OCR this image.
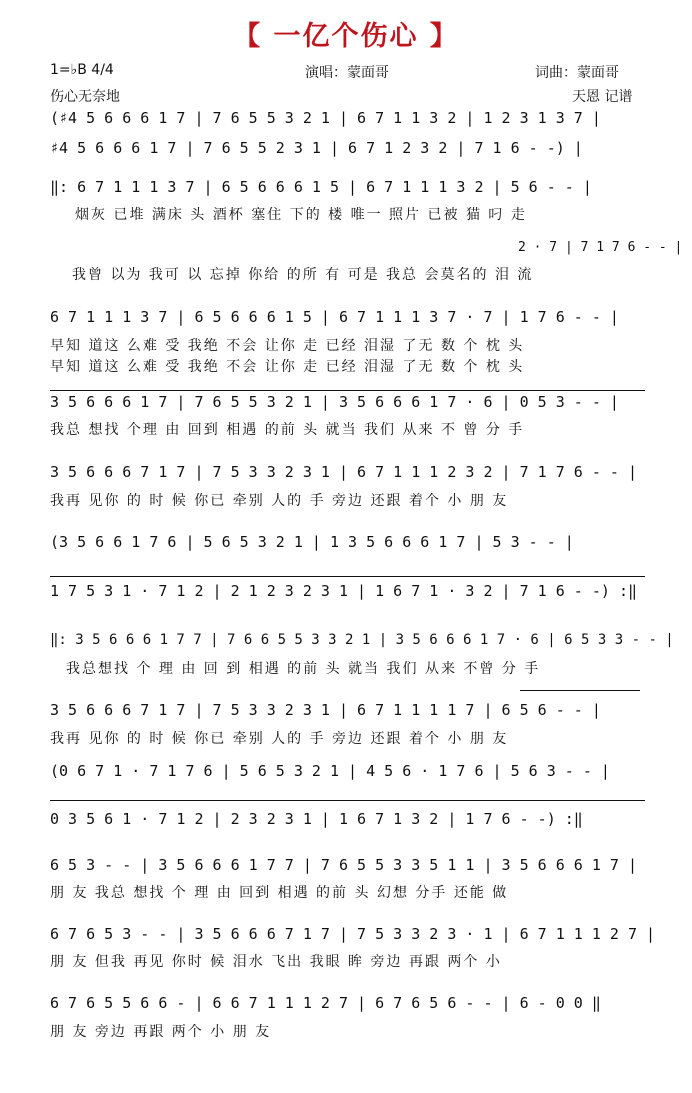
【 一亿个伤心 】
1=♭B 4/4
伤心无奈地
演唱：蒙面哥	词曲：蒙面哥
天恩 记谱
(♯4 5 6 6 6 1 7 | 7 6 5 5 3 2 1 | 6 7 1 1 3 2 | 1 2 3 1 3 7 |
♯4 5 6 6 6 1 7 | 7 6 5 5 2 3 1 | 6 7 1 2 3 2 | 7 1 6 - -) |
‖: 6 7 1 1 1 3 7 | 6 5 6 6 6 1 5 | 6 7 1 1 1 3 2 | 5 6 - - |
烟灰 已堆 满床 头 酒杯 塞住 下的 楼 唯一 照片 已被 猫 叼 走
2 · 7 | 7 1 7 6 - - |
我曾 以为 我可 以 忘掉 你给 的所 有 可是 我总 会莫名的 泪 流
6 7 1 1 1 3 7 | 6 5 6 6 6 1 5 | 6 7 1 1 1 3 7 · 7 | 1 7 6 - - |
早知 道这 么难 受 我绝 不会 让你 走 已经 泪湿 了无 数 个 枕 头
早知 道这 么难 受 我绝 不会 让你 走 已经 泪湿 了无 数 个 枕 头
3 5 6 6 6 1 7 | 7 6 5 5 3 2 1 | 3 5 6 6 6 1 7 · 6 | 0 5 3 - - |
我总 想找 个理 由 回到 相遇 的前 头 就当 我们 从来 不 曾 分 手
3 5 6 6 6 7 1 7 | 7 5 3 3 2 3 1 | 6 7 1 1 1 2 3 2 | 7 1 7 6 - - |
我再 见你 的 时 候 你已 牵别 人的 手 旁边 还跟 着个 小 朋 友
(3 5 6 6 1 7 6 | 5 6 5 3 2 1 | 1 3 5 6 6 6 1 7 | 5 3 - - |
1 7 5 3 1 · 7 1 2 | 2 1 2 3 2 3 1 | 1 6 7 1 · 3 2 | 7 1 6 - -) :‖
‖: 3 5 6 6 6 1 7 7 | 7 6 6 5 5 3 3 2 1 | 3 5 6 6 6 1 7 · 6 | 6 5 3 3 - - |
我总想找 个 理 由 回 到 相遇 的前 头 就当 我们 从来 不曾 分 手
3 5 6 6 6 7 1 7 | 7 5 3 3 2 3 1 | 6 7 1 1 1 1 7 | 6 5 6 - - |
我再 见你 的 时 候 你已 牵别 人的 手 旁边 还跟 着个 小 朋 友
(0 6 7 1 · 7 1 7 6 | 5 6 5 3 2 1 | 4 5 6 · 1 7 6 | 5 6 3 - - |
0 3 5 6 1 · 7 1 2 | 2 3 2 3 1 | 1 6 7 1 3 2 | 1 7 6 - -) :‖
6 5 3 - - | 3 5 6 6 6 1 7 7 | 7 6 5 5 3 3 5 1 1 | 3 5 6 6 6 1 7 |
朋 友 我总 想找 个 理 由 回到 相遇 的前 头 幻想 分手 还能 做
6 7 6 5 3 - - | 3 5 6 6 6 7 1 7 | 7 5 3 3 2 3 · 1 | 6 7 1 1 1 2 7 |
朋 友 但我 再见 你时 候 泪水 飞出 我眼 眸 旁边 再跟 两个 小
6 7 6 5 5 6 6 - | 6 6 7 1 1 1 2 7 | 6 7 6 5 6 - - | 6 - 0 0 ‖
朋 友 旁边 再跟 两个 小 朋 友
